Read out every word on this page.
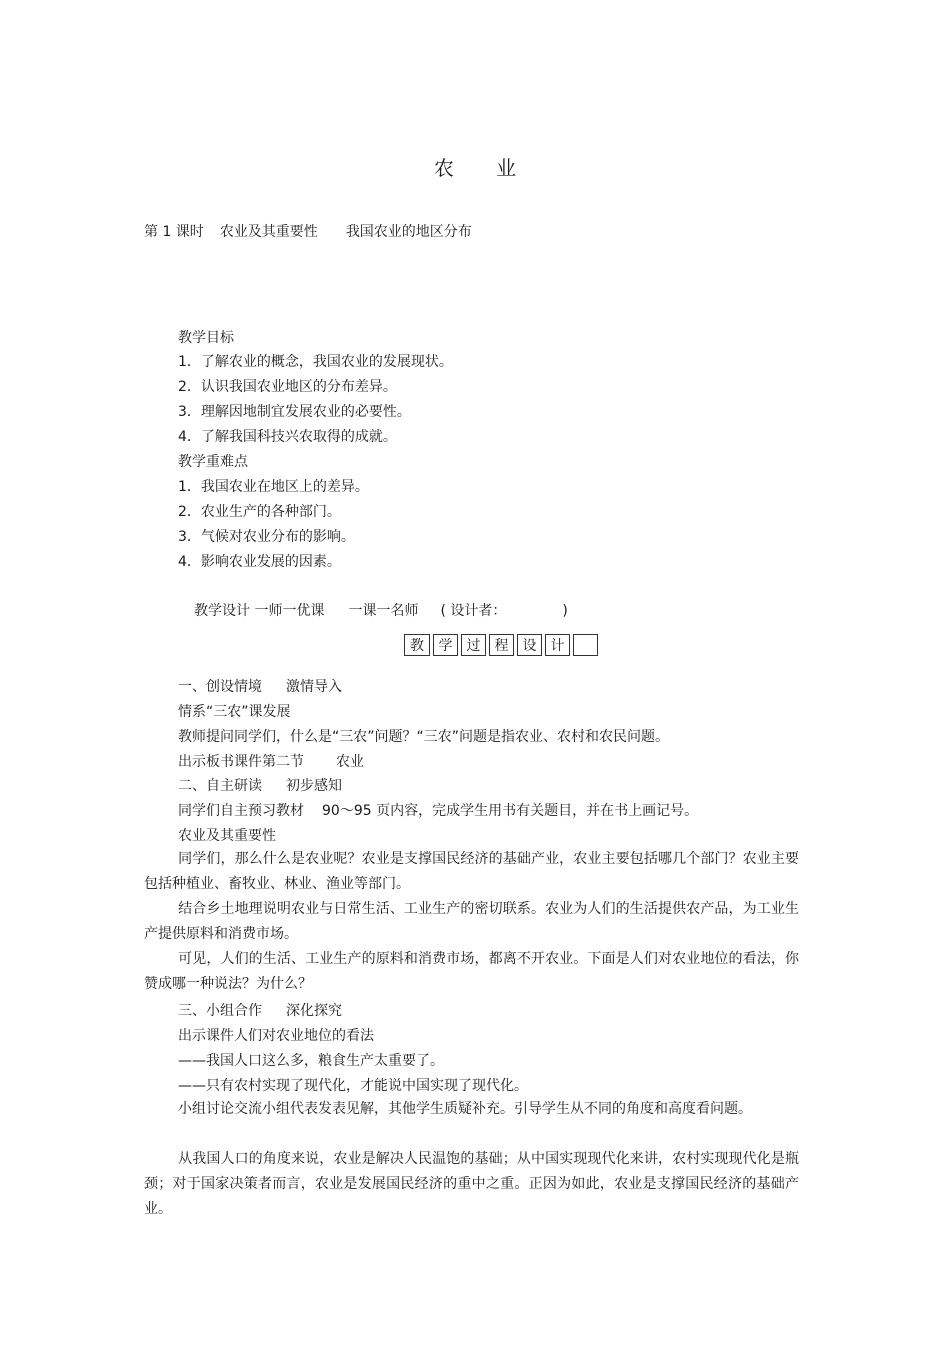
农 业
第 1 课时 农业及其重要性 我国农业的地区分布
教学目标
1．了解农业的概念，我国农业的发展现状。
2．认识我国农业地区的分布差异。
3．理解因地制宜发展农业的必要性。
4．了解我国科技兴农取得的成就。
教学重难点
1．我国农业在地区上的差异。
2．农业生产的各种部门。
3．气候对农业分布的影响。
4．影响农业发展的因素。
教学设计 一师一优课 一课一名师 ( 设计者：	)
教	学	过	程	设	计
一、创设情境 激情导入
情系“三农”课发展
教师提问同学们，什么是“三农”问题？“三农”问题是指农业、农村和农民问题。
出示板书课件第二节 农业
二、自主研读 初步感知
同学们自主预习教材 90～95 页内容，完成学生用书有关题目，并在书上画记号。
农业及其重要性
同学们，那么什么是农业呢？农业是支撑国民经济的基础产业，农业主要包括哪几个部门？农业主要包括种植业、畜牧业、林业、渔业等部门。
结合乡土地理说明农业与日常生活、工业生产的密切联系。农业为人们的生活提供农产品，为工业生产提供原料和消费市场。
可见，人们的生活、工业生产的原料和消费市场，都离不开农业。下面是人们对农业地位的看法，你赞成哪一种说法？为什么？
三、小组合作 深化探究
出示课件人们对农业地位的看法
——我国人口这么多，粮食生产太重要了。
——只有农村实现了现代化，才能说中国实现了现代化。
小组讨论交流小组代表发表见解，其他学生质疑补充。引导学生从不同的角度和高度看问题。
从我国人口的角度来说，农业是解决人民温饱的基础；从中国实现现代化来讲，农村实现现代化是瓶颈；对于国家决策者而言，农业是发展国民经济的重中之重。正因为如此，农业是支撑国民经济的基础产业。
